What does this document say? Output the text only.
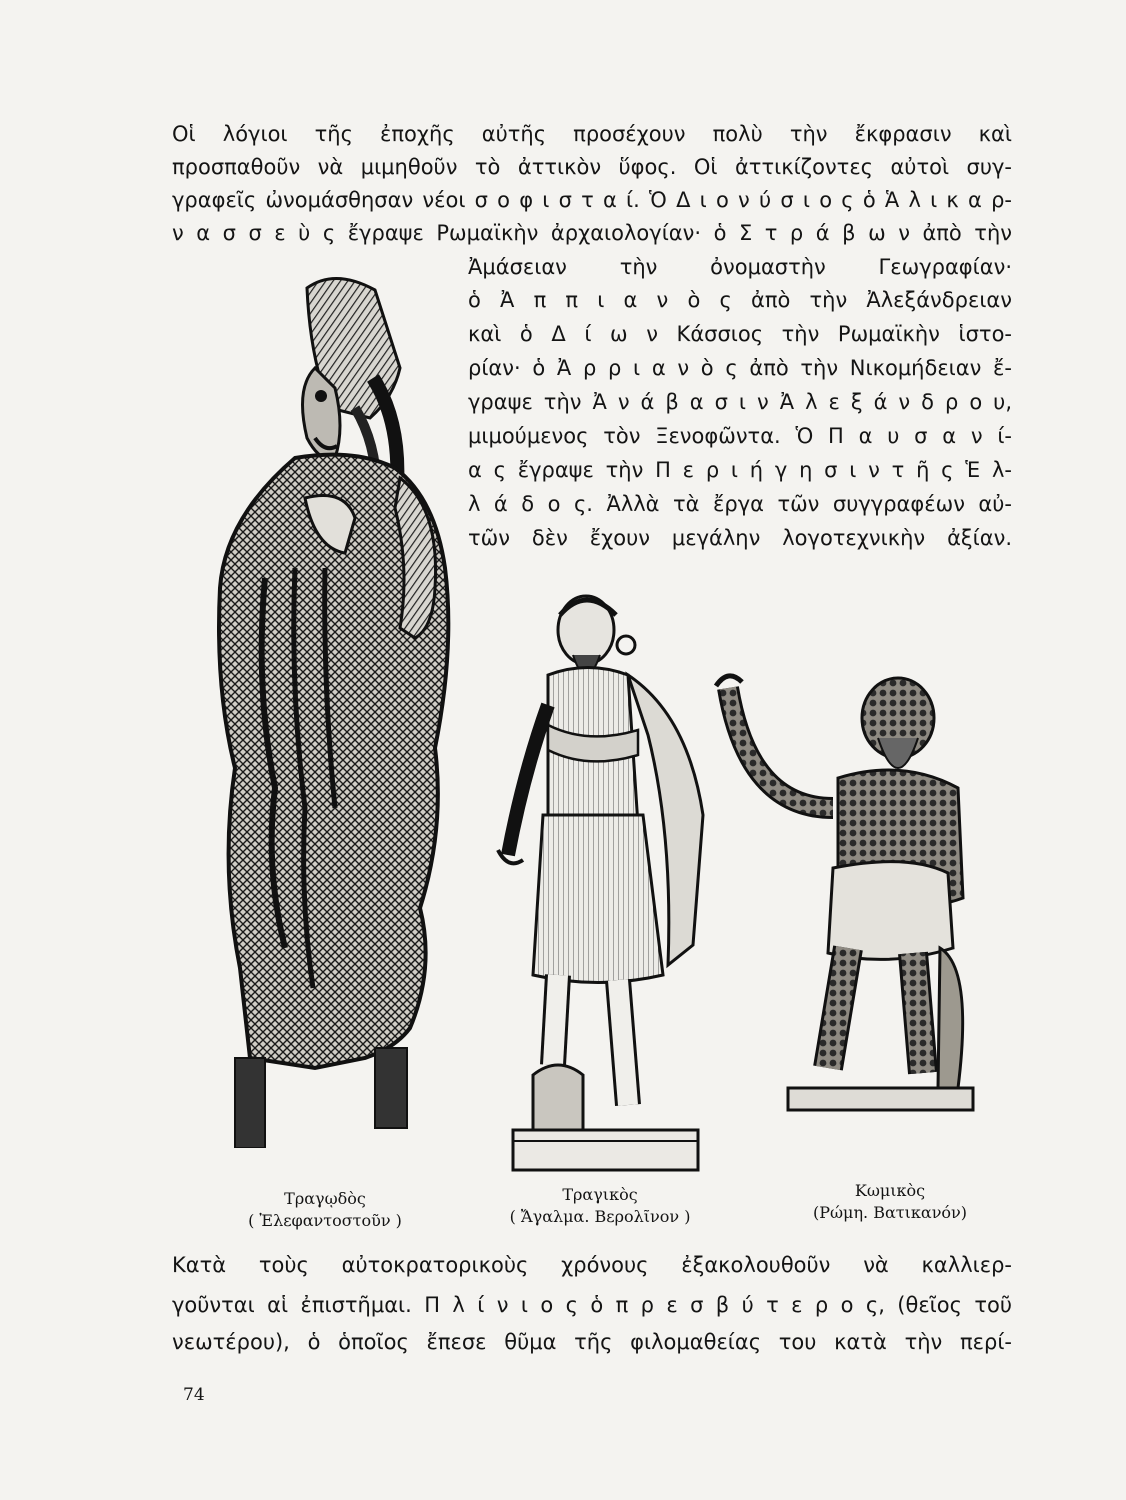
Οἱ λόγιοι τῆς ἐποχῆς αὐτῆς προσέχουν πολὺ τὴν ἔκφρασιν καὶ
προσπαθοῦν νὰ μιμηθοῦν τὸ ἀττικὸν ὕφος. Οἱ ἀττικίζοντες αὐτοὶ συγ-
γραφεῖς ὠνομάσθησαν νέοι σ ο φ ι σ τ α ί. Ὁ Δ ι ο ν ύ σ ι ο ς ὁ Ἁ λ ι κ α ρ-
ν α σ σ ε ὺ ς ἔγραψε Ρωμαϊκὴν ἀρχαιολογίαν· ὁ Σ τ ρ ά β ω ν ἀπὸ τὴν
Ἀμάσειαν τὴν ὀνομαστὴν Γεωγραφίαν·
ὁ Ἀ π π ι α ν ὸ ς ἀπὸ τὴν Ἀλεξάνδρειαν
καὶ ὁ Δ ί ω ν Κάσσιος τὴν Ρωμαϊκὴν ἱστο-
ρίαν· ὁ Ἀ ρ ρ ι α ν ὸ ς ἀπὸ τὴν Νικομήδειαν ἔ-
γραψε τὴν Ἀ ν ά β α σ ι ν Ἀ λ ε ξ ά ν δ ρ ο υ,
μιμούμενος τὸν Ξενοφῶντα. Ὁ Π α υ σ α ν ί-
α ς ἔγραψε τὴν Π ε ρ ι ή γ η σ ι ν τ ῆ ς Ἑ λ-
λ ά δ ο ς. Ἀλλὰ τὰ ἔργα τῶν συγγραφέων αὐ-
τῶν δὲν ἔχουν μεγάλην λογοτεχνικὴν ἀξίαν.
Τραγῳδὸς
( Ἐλεφαντοστοῦν )
Τραγικὸς
( Ἄγαλμα. Βερολῖνον )
Κωμικὸς
(Ρώμη. Βατικανόν)
Κατὰ τοὺς αὐτοκρατορικοὺς χρόνους ἐξακολουθοῦν νὰ καλλιερ-
γοῦνται αἱ ἐπιστῆμαι. Π λ ί ν ι ο ς ὁ π ρ ε σ β ύ τ ε ρ ο ς, (θεῖος τοῦ
νεωτέρου), ὁ ὁποῖος ἔπεσε θῦμα τῆς φιλομαθείας του κατὰ τὴν περί-
74
